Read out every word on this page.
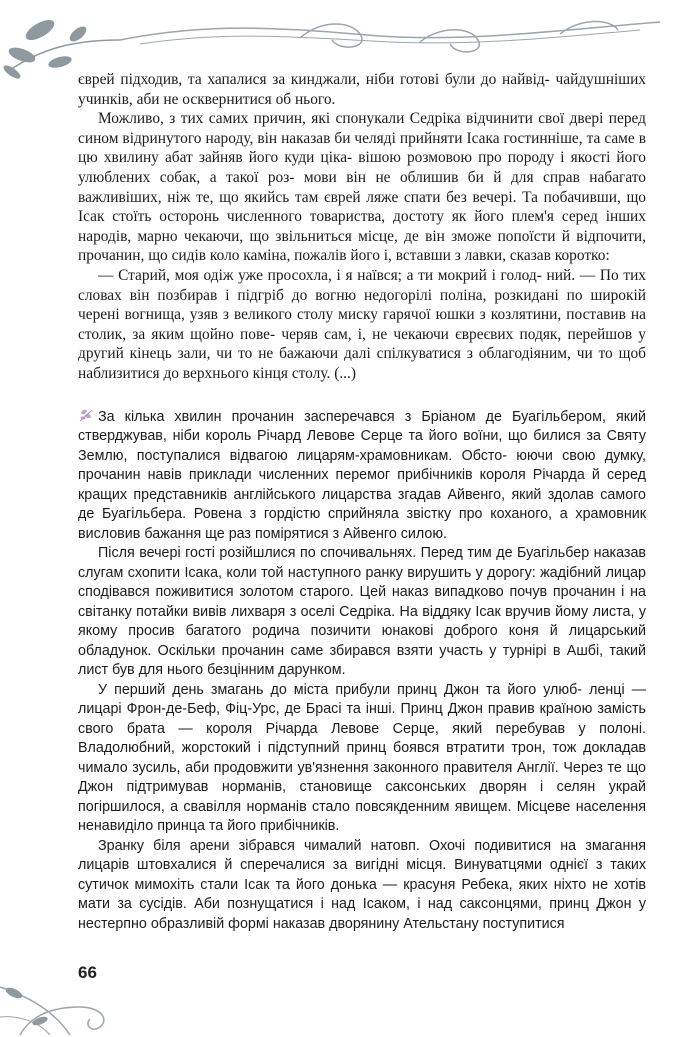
єврей підходив, та хапалися за кинджали, ніби готові були до найвід- чайдушніших учинків, аби не осквернитися об нього.

Можливо, з тих самих причин, які спонукали Седріка відчинити свої двері перед сином відринутого народу, він наказав би челяді прийняти Ісака гостинніше, та саме в цю хвилину абат зайняв його куди ціка- вішою розмовою про породу і якості його улюблених собак, а такої роз- мови він не облишив би й для справ набагато важливіших, ніж те, що якийсь там єврей ляже спати без вечері. Та побачивши, що Ісак стоїть осторонь численного товариства, достоту як його плем'я серед інших народів, марно чекаючи, що звільниться місце, де він зможе попоїсти й відпочити, прочанин, що сидів коло каміна, пожалів його і, вставши з лавки, сказав коротко:

— Старий, моя одіж уже просохла, і я наївся; а ти мокрий і голод- ний. — По тих словах він позбирав і підгріб до вогню недогорілі поліна, розкидані по широкій черені вогнища, узяв з великого столу миску гарячої юшки з козлятини, поставив на столик, за яким щойно пове- черяв сам, і, не чекаючи євреєвих подяк, перейшов у другий кінець зали, чи то не бажаючи далі спілкуватися з облагодіяним, чи то щоб наблизитися до верхнього кінця столу. (...)

За кілька хвилин прочанин засперечався з Бріаном де Буагільбером, який стверджував, ніби король Річард Левове Серце та його воїни, що билися за Святу Землю, поступалися відвагою лицарям-храмовникам. Обсто- юючи свою думку, прочанин навів приклади численних перемог прибічників короля Річарда й серед кращих представників англійського лицарства згадав Айвенго, який здолав самого де Буагільбера. Ровена з гордістю сприйняла звістку про коханого, а храмовник висловив бажання ще раз помірятися з Айвенго силою.

Після вечері гості розійшлися по спочивальнях. Перед тим де Буагільбер наказав слугам схопити Ісака, коли той наступного ранку вирушить у дорогу: жадібний лицар сподівався поживитися золотом старого. Цей наказ випадково почув прочанин і на світанку потайки вивів лихваря з оселі Седріка. На віддяку Ісак вручив йому листа, у якому просив багатого родича позичити юнакові доброго коня й лицарський обладунок. Оскільки прочанин саме збирався взяти участь у турнірі в Ашбі, такий лист був для нього безцінним дарунком.

У перший день змагань до міста прибули принц Джон та його улюб- ленці — лицарі Фрон-де-Беф, Фіц-Урс, де Брасі та інші. Принц Джон правив країною замість свого брата — короля Річарда Левове Серце, який перебував у полоні. Владолюбний, жорстокий і підступний принц боявся втратити трон, тож докладав чимало зусиль, аби продовжити ув'язнення законного правителя Англії. Через те що Джон підтримував норманів, становище саксонських дворян і селян украй погіршилося, а свавілля норманів стало повсякденним явищем. Місцеве населення ненавиділо принца та його прибічників.

Зранку біля арени зібрався чималий натовп. Охочі подивитися на змагання лицарів штовхалися й сперечалися за вигідні місця. Винуватцями однієї з таких сутичок мимохіть стали Ісак та його донька — красуня Ребека, яких ніхто не хотів мати за сусідів. Аби познущатися і над Ісаком, і над саксонцями, принц Джон у нестерпно образливій формі наказав дворянину Ательстану поступитися

66
